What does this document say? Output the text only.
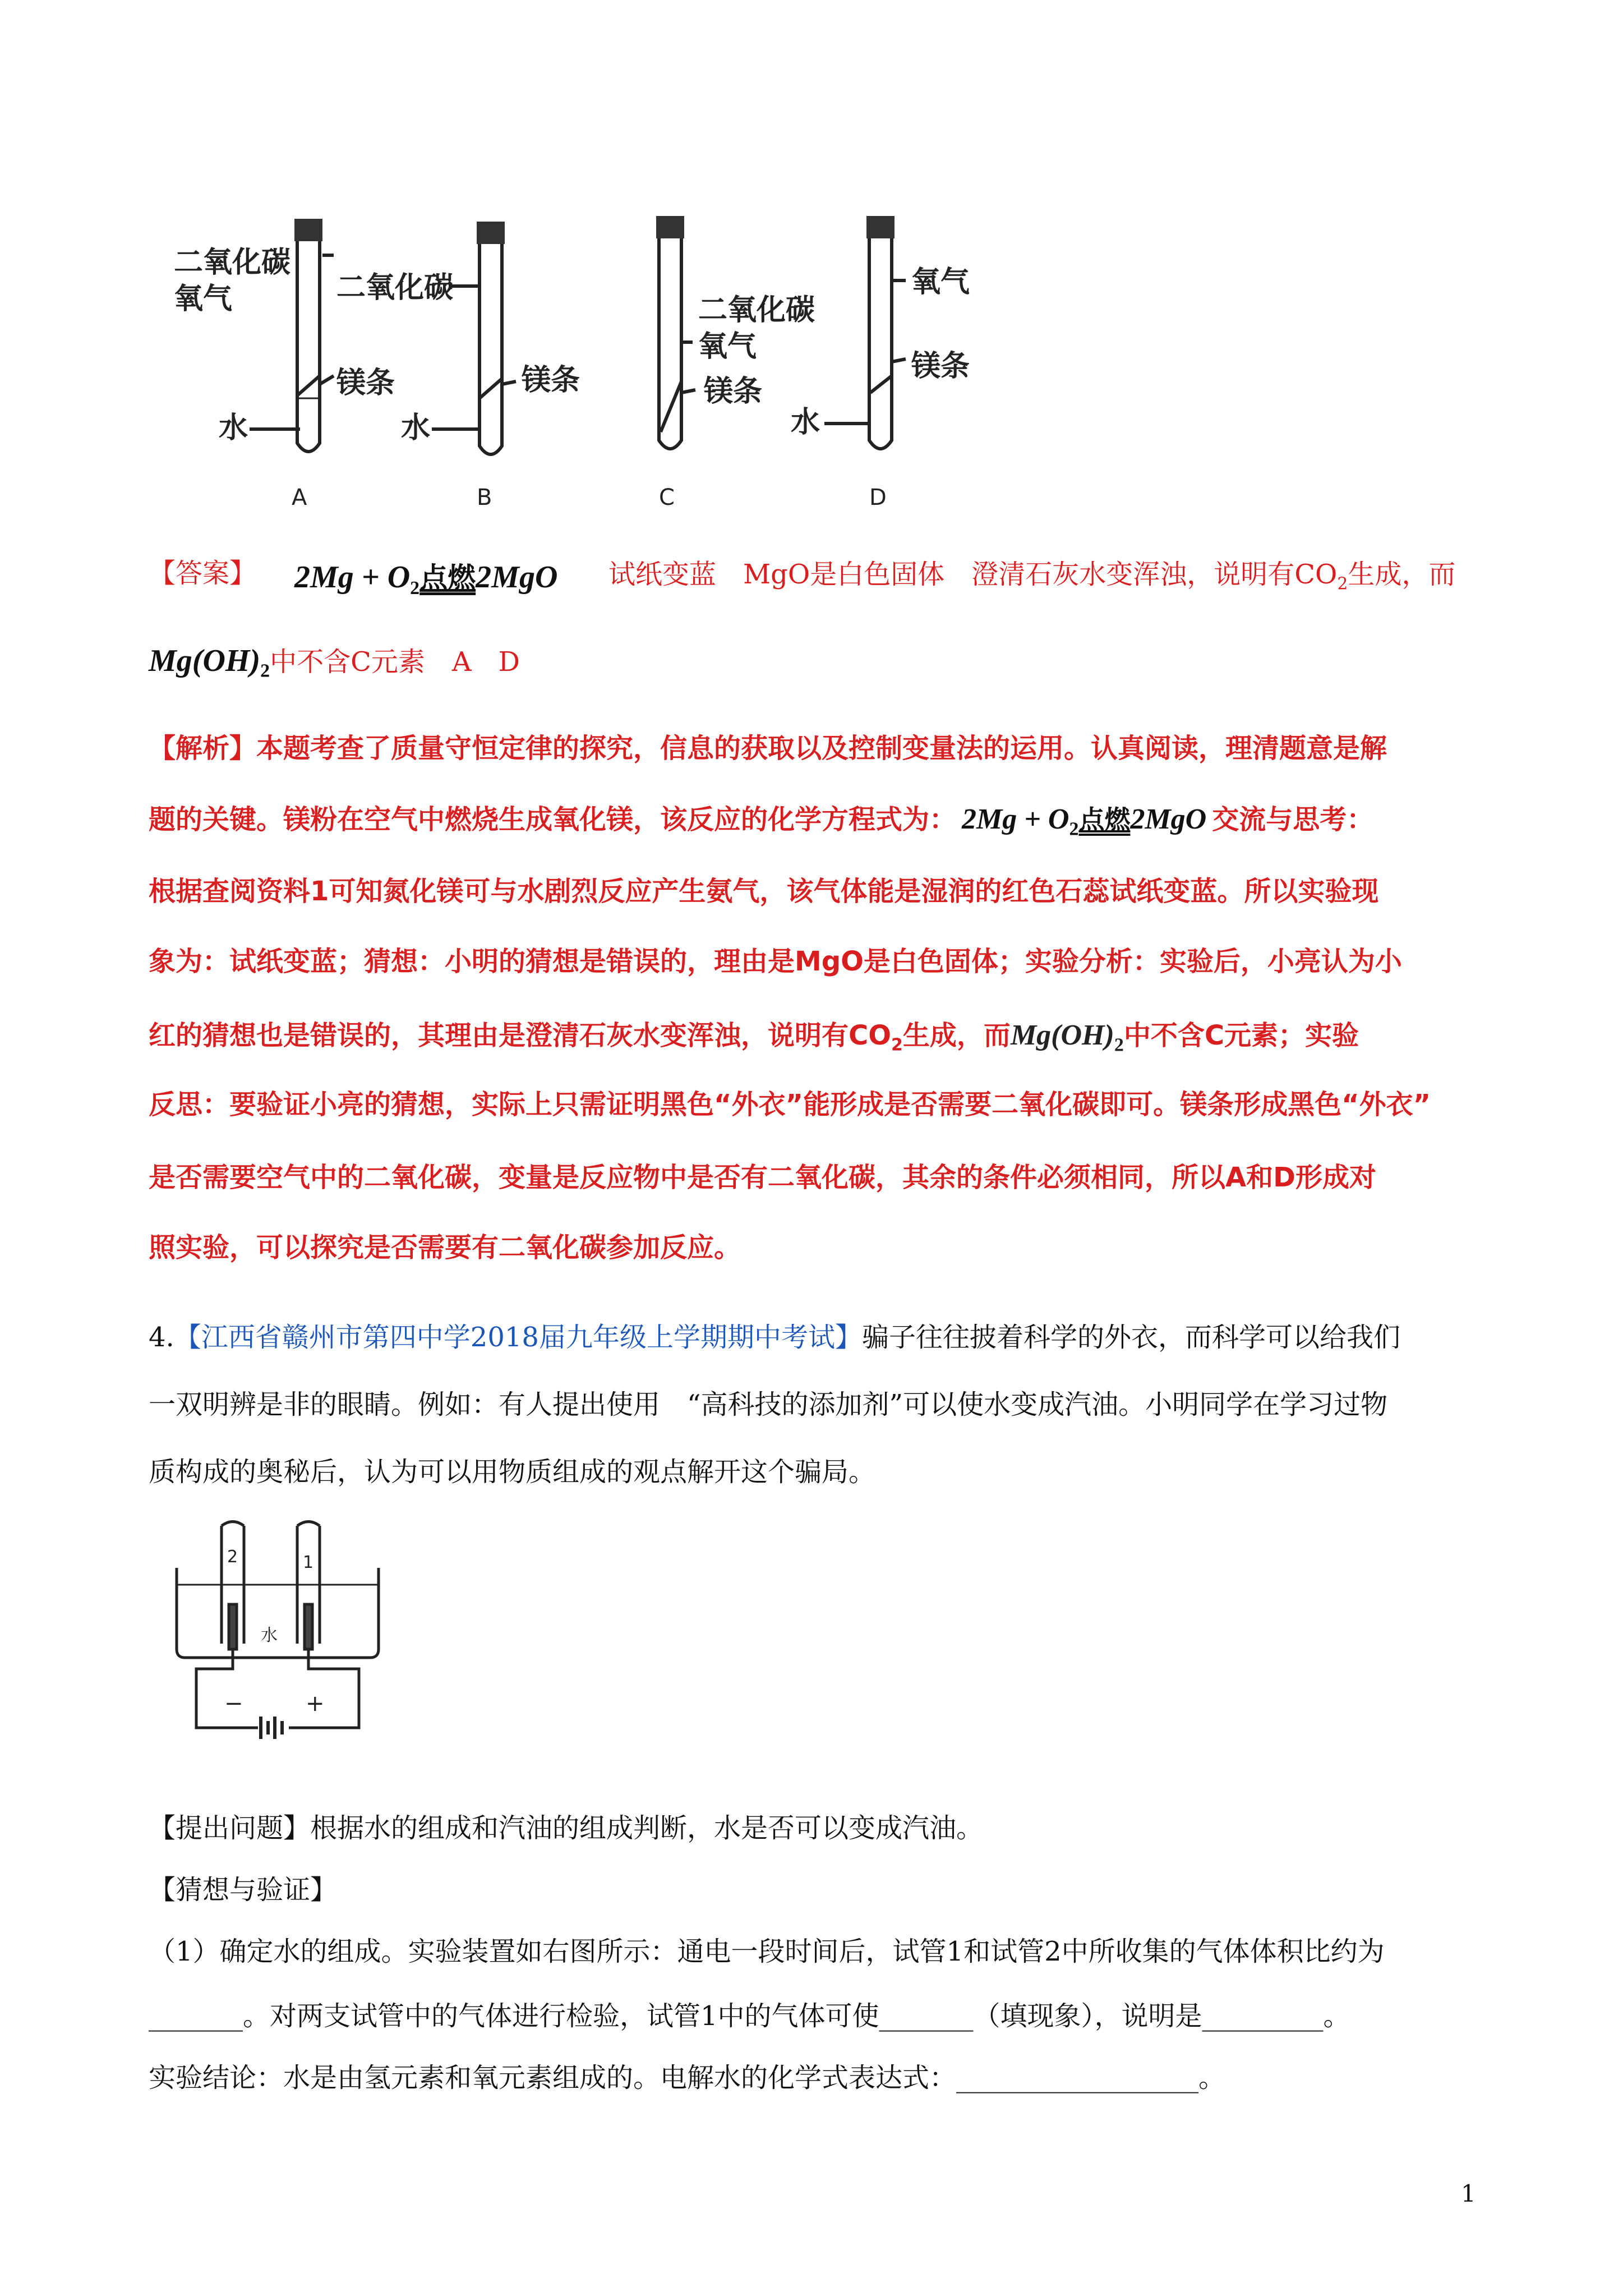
二氧化碳
氧气
镁条
水
二氧化碳
镁条
水
二氧化碳
氧气
镁条
氧气
镁条
水
A	B	C	D
【答案】 $2Mg + O_2$点燃2MgO 试纸变蓝　MgO是白色固体　澄清石灰水变浑浊，说明有$CO_2$生成，而
$Mg(OH)_2$中不含C元素　A　D
【解析】本题考查了质量守恒定律的探究，信息的获取以及控制变量法的运用。认真阅读，理清题意是解
题的关键。镁粉在空气中燃烧生成氧化镁，该反应的化学方程式为： $2Mg + O_2$点燃2MgO 交流与思考：
根据查阅资料1可知氮化镁可与水剧烈反应产生氨气，该气体能是湿润的红色石蕊试纸变蓝。所以实验现
象为：试纸变蓝；猜想：小明的猜想是错误的，理由是MgO是白色固体；实验分析：实验后，小亮认为小
红的猜想也是错误的，其理由是澄清石灰水变浑浊，说明有$CO_2$生成，而$Mg(OH)_2$中不含C元素；实验
反思：要验证小亮的猜想，实际上只需证明黑色“外衣”能形成是否需要二氧化碳即可。镁条形成黑色“外衣”
是否需要空气中的二氧化碳，变量是反应物中是否有二氧化碳，其余的条件必须相同，所以A和D形成对
照实验，可以探究是否需要有二氧化碳参加反应。
4.【江西省赣州市第四中学2018届九年级上学期期中考试】骗子往往披着科学的外衣，而科学可以给我们
一双明辨是非的眼睛。例如：有人提出使用　“高科技的添加剂”可以使水变成汽油。小明同学在学习过物
质构成的奥秘后，认为可以用物质组成的观点解开这个骗局。
2	1
水
−	+
【提出问题】根据水的组成和汽油的组成判断，水是否可以变成汽油。
【猜想与验证】
（1）确定水的组成。实验装置如右图所示：通电一段时间后，试管1和试管2中所收集的气体体积比约为
_______。对两支试管中的气体进行检验，试管1中的气体可使_______（填现象），说明是_________。
实验结论：水是由氢元素和氧元素组成的。电解水的化学式表达式：__________________。
1
